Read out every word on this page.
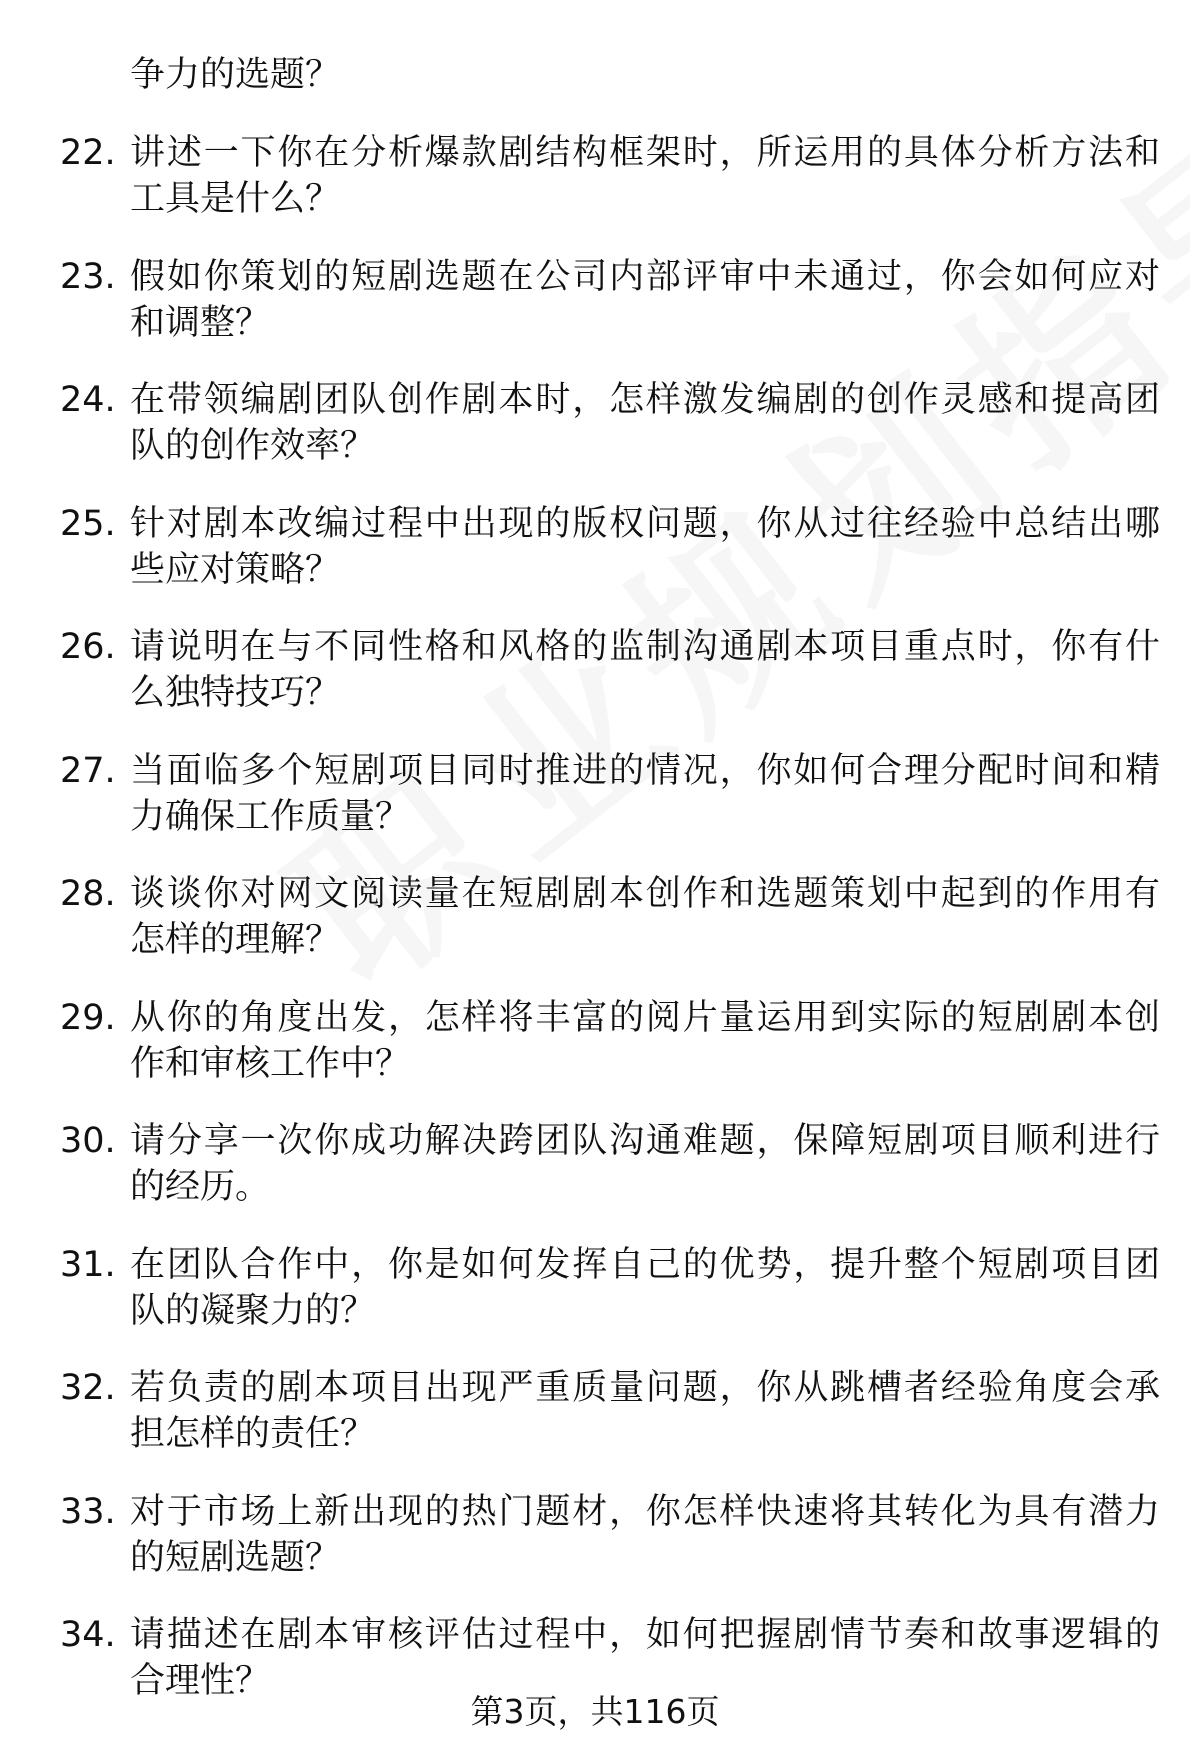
争力的选题？
22. 讲述一下你在分析爆款剧结构框架时，所运用的具体分析方法和
工具是什么？
23. 假如你策划的短剧选题在公司内部评审中未通过，你会如何应对
和调整？
24. 在带领编剧团队创作剧本时，怎样激发编剧的创作灵感和提高团
队的创作效率？
25. 针对剧本改编过程中出现的版权问题，你从过往经验中总结出哪
些应对策略？
26. 请说明在与不同性格和风格的监制沟通剧本项目重点时，你有什
么独特技巧？
27. 当面临多个短剧项目同时推进的情况，你如何合理分配时间和精
力确保工作质量？
28. 谈谈你对网文阅读量在短剧剧本创作和选题策划中起到的作用有
怎样的理解？
29. 从你的角度出发，怎样将丰富的阅片量运用到实际的短剧剧本创
作和审核工作中？
30. 请分享一次你成功解决跨团队沟通难题，保障短剧项目顺利进行
的经历。
31. 在团队合作中，你是如何发挥自己的优势，提升整个短剧项目团
队的凝聚力的？
32. 若负责的剧本项目出现严重质量问题，你从跳槽者经验角度会承
担怎样的责任？
33. 对于市场上新出现的热门题材，你怎样快速将其转化为具有潜力
的短剧选题？
34. 请描述在剧本审核评估过程中，如何把握剧情节奏和故事逻辑的
合理性？
第3页，共116页
